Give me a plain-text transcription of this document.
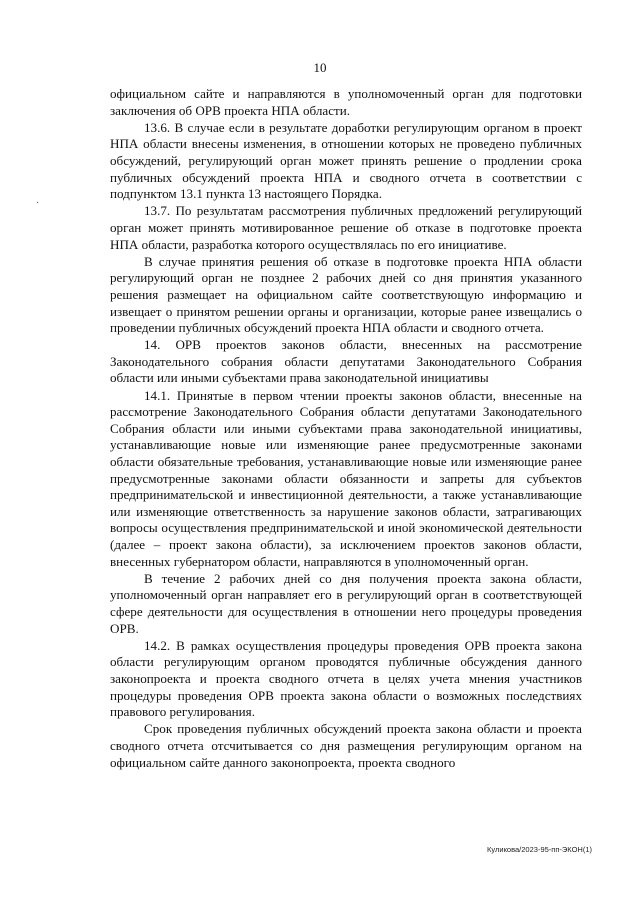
10
·

официальном сайте и направляются в уполномоченный орган для подготовки заключения об ОРВ проекта НПА области.

13.6. В случае если в результате доработки регулирующим органом в проект НПА области внесены изменения, в отношении которых не проведено публичных обсуждений, регулирующий орган может принять решение о продлении срока публичных обсуждений проекта НПА и сводного отчета в соответствии с подпунктом 13.1 пункта 13 настоящего Порядка.

13.7. По результатам рассмотрения публичных предложений регулирующий орган может принять мотивированное решение об отказе в подготовке проекта НПА области, разработка которого осуществлялась по его инициативе.

В случае принятия решения об отказе в подготовке проекта НПА области регулирующий орган не позднее 2 рабочих дней со дня принятия указанного решения размещает на официальном сайте соответствующую информацию и извещает о принятом решении органы и организации, которые ранее извещались о проведении публичных обсуждений проекта НПА области и сводного отчета.

14. ОРВ проектов законов области, внесенных на рассмотрение Законодательного собрания области депутатами Законодательного Собрания области или иными субъектами права законодательной инициативы

14.1. Принятые в первом чтении проекты законов области, внесенные на рассмотрение Законодательного Собрания области депутатами Законодательного Собрания области или иными субъектами права законодательной инициативы, устанавливающие новые или изменяющие ранее предусмотренные законами области обязательные требования, устанавливающие новые или изменяющие ранее предусмотренные законами области обязанности и запреты для субъектов предпринимательской и инвестиционной деятельности, а также устанавливающие или изменяющие ответственность за нарушение законов области, затрагивающих вопросы осуществления предпринимательской и иной экономической деятельности (далее – проект закона области), за исключением проектов законов области, внесенных губернатором области, направляются в уполномоченный орган.

В течение 2 рабочих дней со дня получения проекта закона области, уполномоченный орган направляет его в регулирующий орган в соответствующей сфере деятельности для осуществления в отношении него процедуры проведения ОРВ.

14.2. В рамках осуществления процедуры проведения ОРВ проекта закона области регулирующим органом проводятся публичные обсуждения данного законопроекта и проекта сводного отчета в целях учета мнения участников процедуры проведения ОРВ проекта закона области о возможных последствиях правового регулирования.

Срок проведения публичных обсуждений проекта закона области и проекта сводного отчета отсчитывается со дня размещения регулирующим органом на официальном сайте данного законопроекта, проекта сводного

Куликова/2023-95-пп-ЭКОН(1)
